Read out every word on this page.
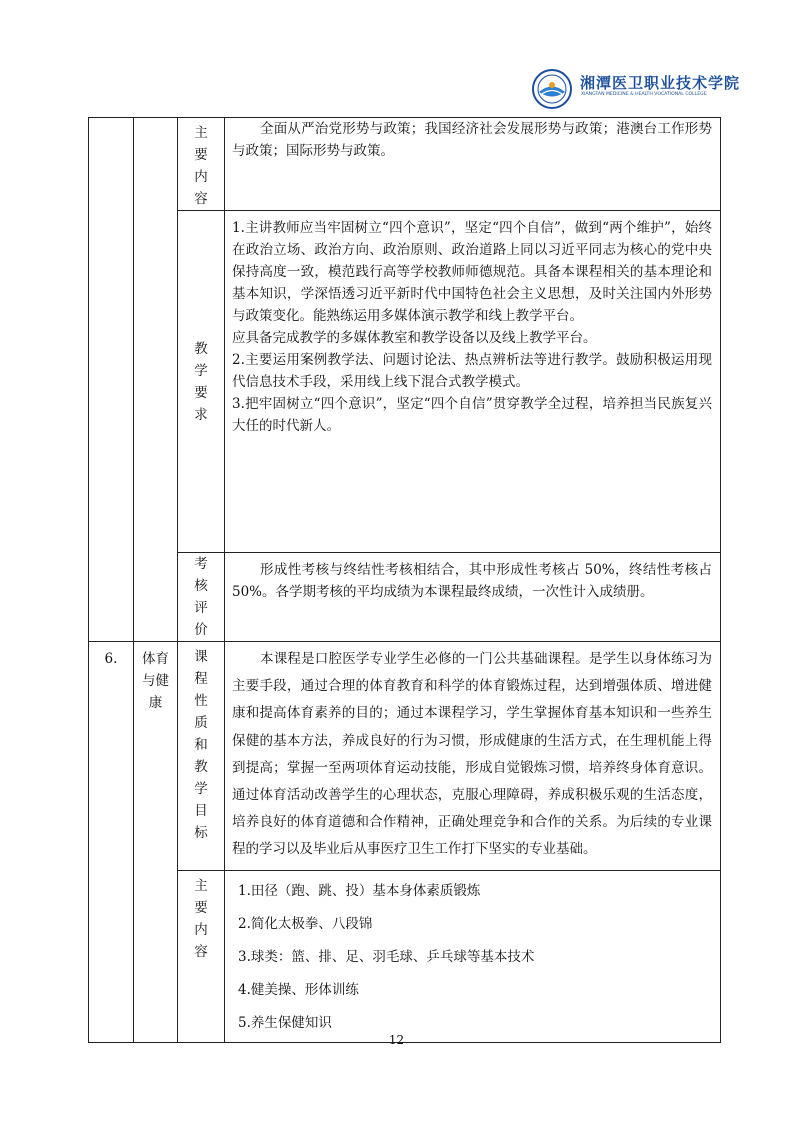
湘潭医卫职业技术学院
XIANGTAN MEDICINE & HEALTH VOCATIONAL COLLEGE
		主要内容	全面从严治党形势与政策；我国经济社会发展形势与政策；港澳台工作形势与政策；国际形势与政策。
		教学要求	1.主讲教师应当牢固树立“四个意识”，坚定“四个自信”，做到“两个维护”，始终在政治立场、政治方向、政治原则、政治道路上同以习近平同志为核心的党中央保持高度一致，模范践行高等学校教师师德规范。具备本课程相关的基本理论和基本知识，学深悟透习近平新时代中国特色社会主义思想，及时关注国内外形势与政策变化。能熟练运用多媒体演示教学和线上教学平台。

应具备完成教学的多媒体教室和教学设备以及线上教学平台。

2.主要运用案例教学法、问题讨论法、热点辨析法等进行教学。鼓励积极运用现代信息技术手段，采用线上线下混合式教学模式。

3.把牢固树立“四个意识”，坚定“四个自信”贯穿教学全过程，培养担当民族复兴大任的时代新人。

		考核评价	形成性考核与终结性考核相结合，其中形成性考核占 50%，终结性考核占 50%。各学期考核的平均成绩为本课程最终成绩，一次性计入成绩册。
6.	体育与健康	课程性质和教学目标	本课程是口腔医学专业学生必修的一门公共基础课程。是学生以身体练习为主要手段，通过合理的体育教育和科学的体育锻炼过程，达到增强体质、增进健康和提高体育素养的目的；通过本课程学习，学生掌握体育基本知识和一些养生保健的基本方法，养成良好的行为习惯，形成健康的生活方式，在生理机能上得到提高；掌握一至两项体育运动技能，形成自觉锻炼习惯，培养终身体育意识。通过体育活动改善学生的心理状态，克服心理障碍，养成积极乐观的生活态度，培养良好的体育道德和合作精神，正确处理竞争和合作的关系。为后续的专业课程的学习以及毕业后从事医疗卫生工作打下坚实的专业基础。
		主要内容	1.田径（跑、跳、投）基本身体素质锻炼

2.简化太极拳、八段锦

3.球类：篮、排、足、羽毛球、乒乓球等基本技术

4.健美操、形体训练

5.养生保健知识

12
